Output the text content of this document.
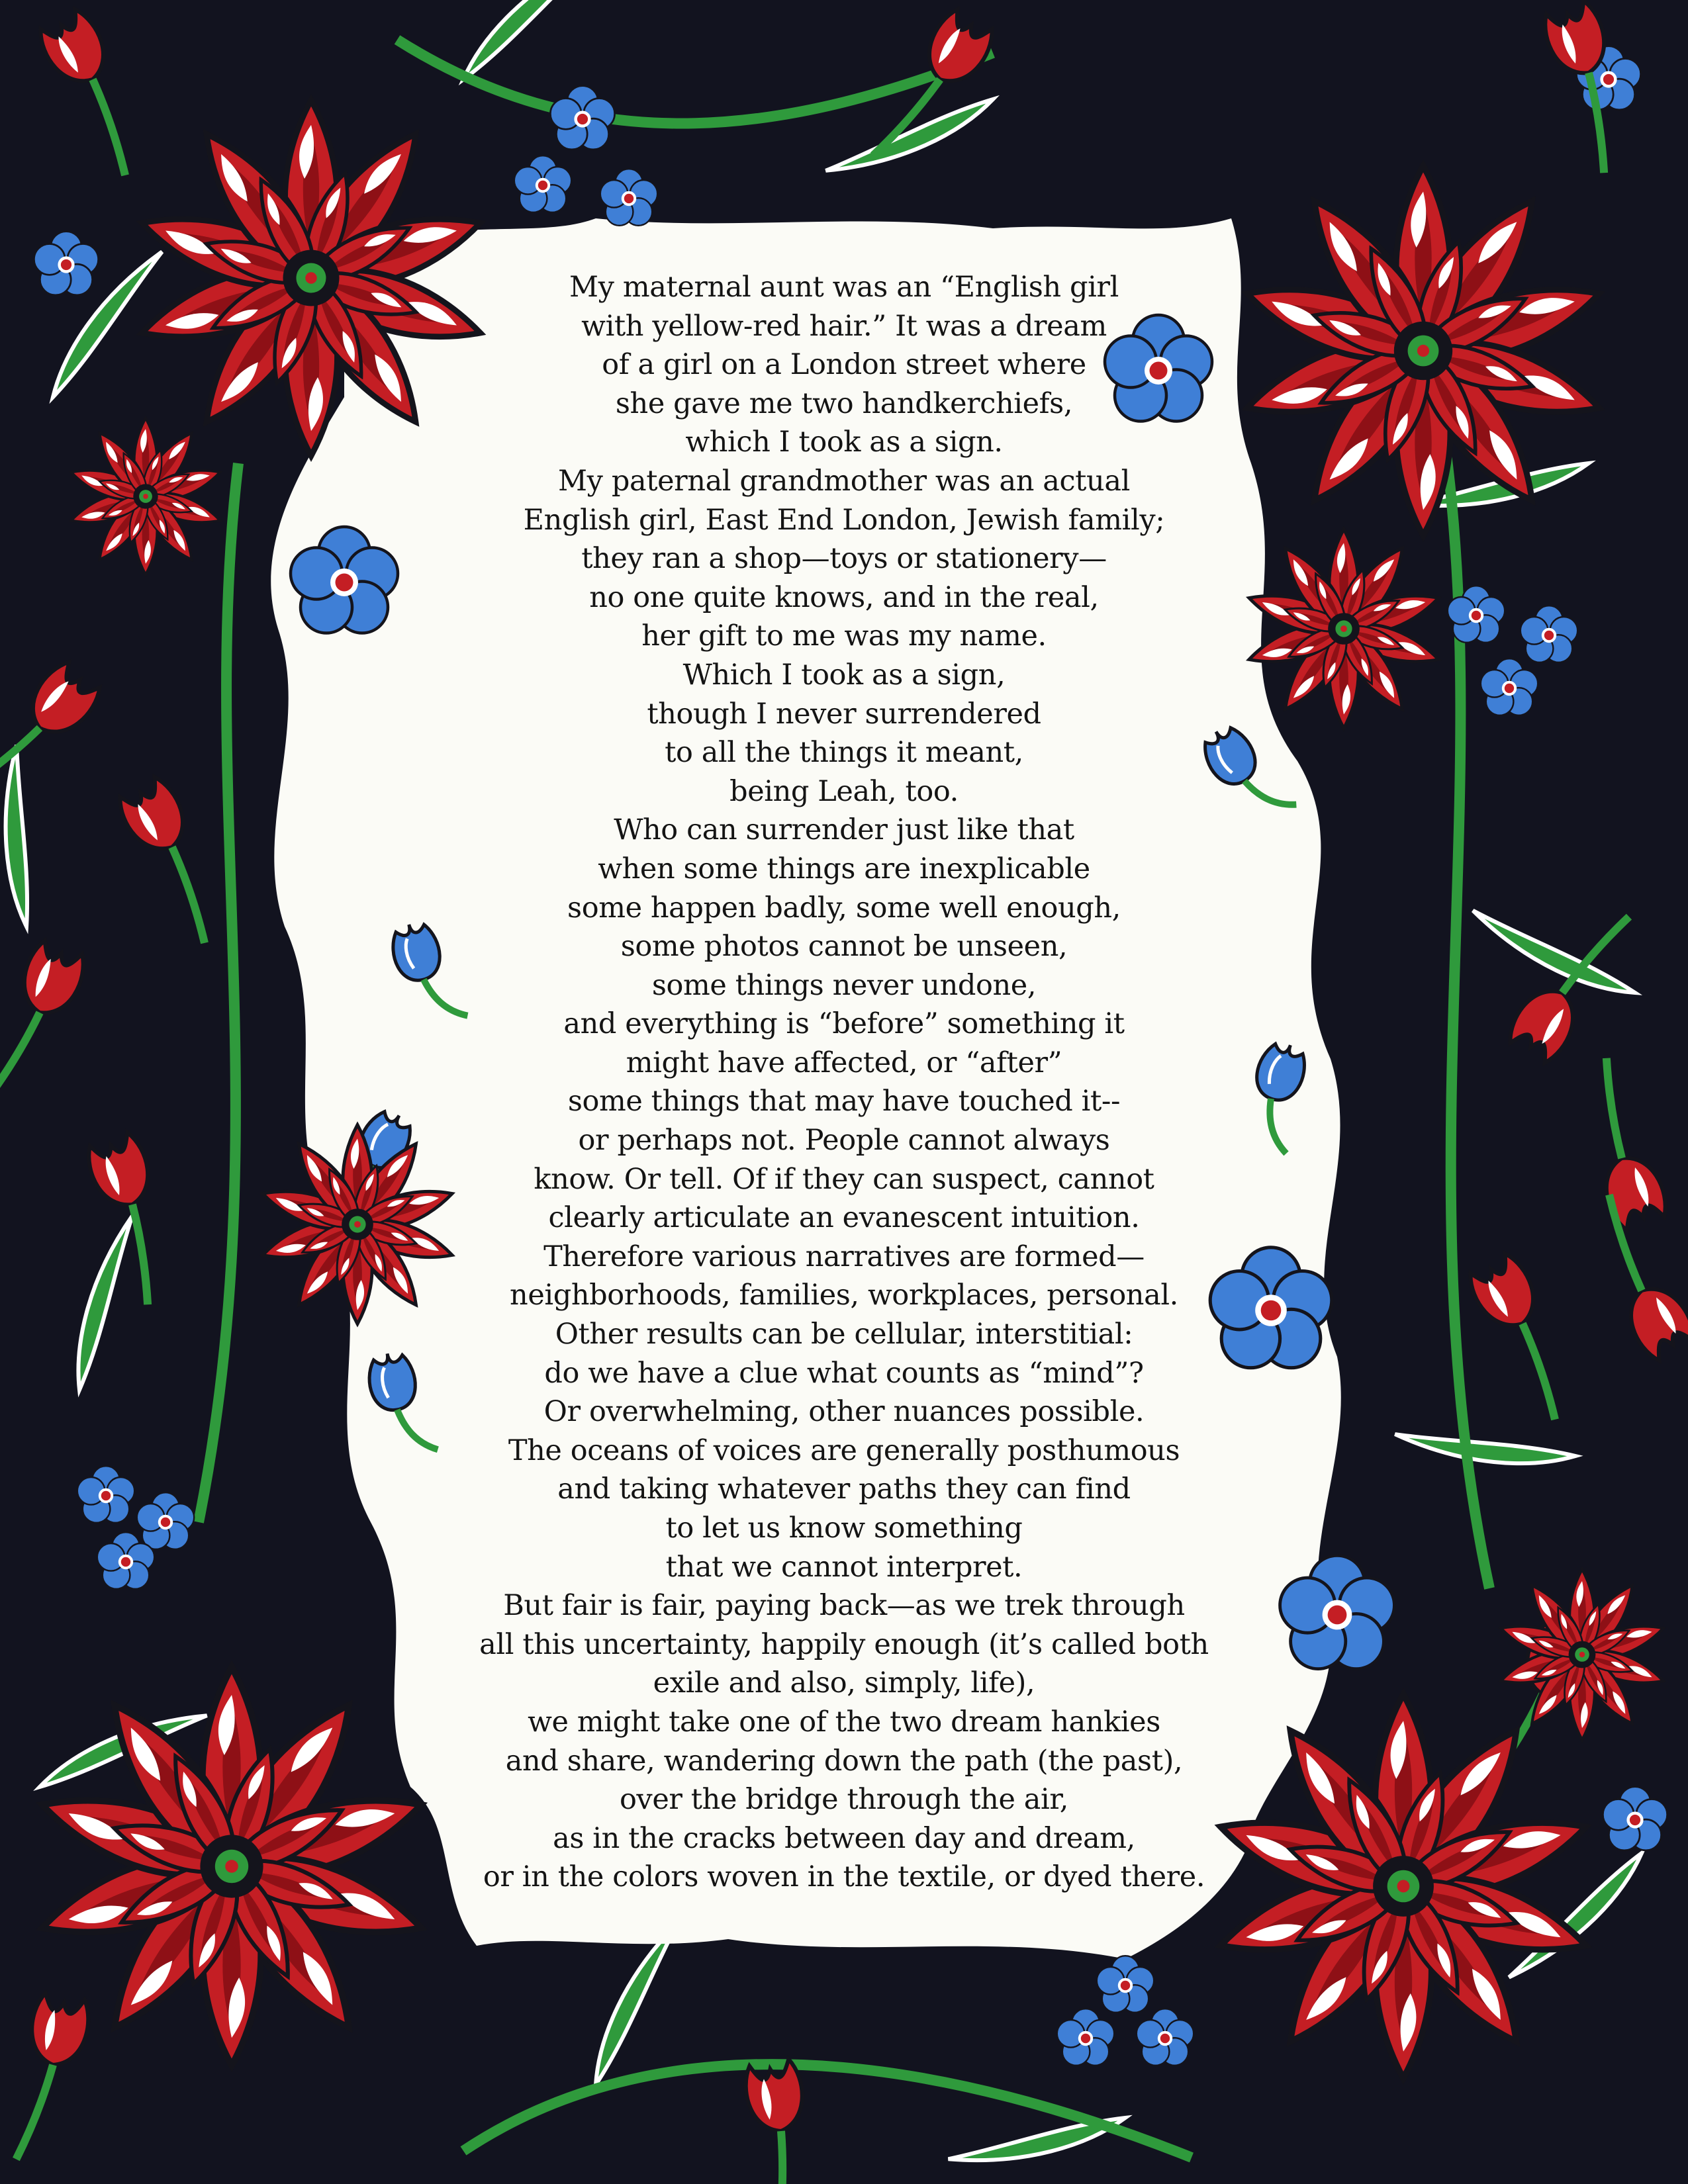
My maternal aunt was an “English girl
with yellow-red hair.” It was a dream
of a girl on a London street where
she gave me two handkerchiefs,
which I took as a sign.
My paternal grandmother was an actual
English girl, East End London, Jewish family;
they ran a shop—toys or stationery—
no one quite knows, and in the real,
her gift to me was my name.
Which I took as a sign,
though I never surrendered
to all the things it meant,
being Leah, too.
Who can surrender just like that
when some things are inexplicable
some happen badly, some well enough,
some photos cannot be unseen,
some things never undone,
and everything is “before” something it
might have affected, or “after”
some things that may have touched it--
or perhaps not. People cannot always
know. Or tell. Of if they can suspect, cannot
clearly articulate an evanescent intuition.
Therefore various narratives are formed—
neighborhoods, families, workplaces, personal.
Other results can be cellular, interstitial:
do we have a clue what counts as “mind”?
Or overwhelming, other nuances possible.
The oceans of voices are generally posthumous
and taking whatever paths they can find
to let us know something
that we cannot interpret.
But fair is fair, paying back—as we trek through
all this uncertainty, happily enough (it’s called both
exile and also, simply, life),
we might take one of the two dream hankies
and share, wandering down the path (the past),
over the bridge through the air,
as in the cracks between day and dream,
or in the colors woven in the textile, or dyed there.
